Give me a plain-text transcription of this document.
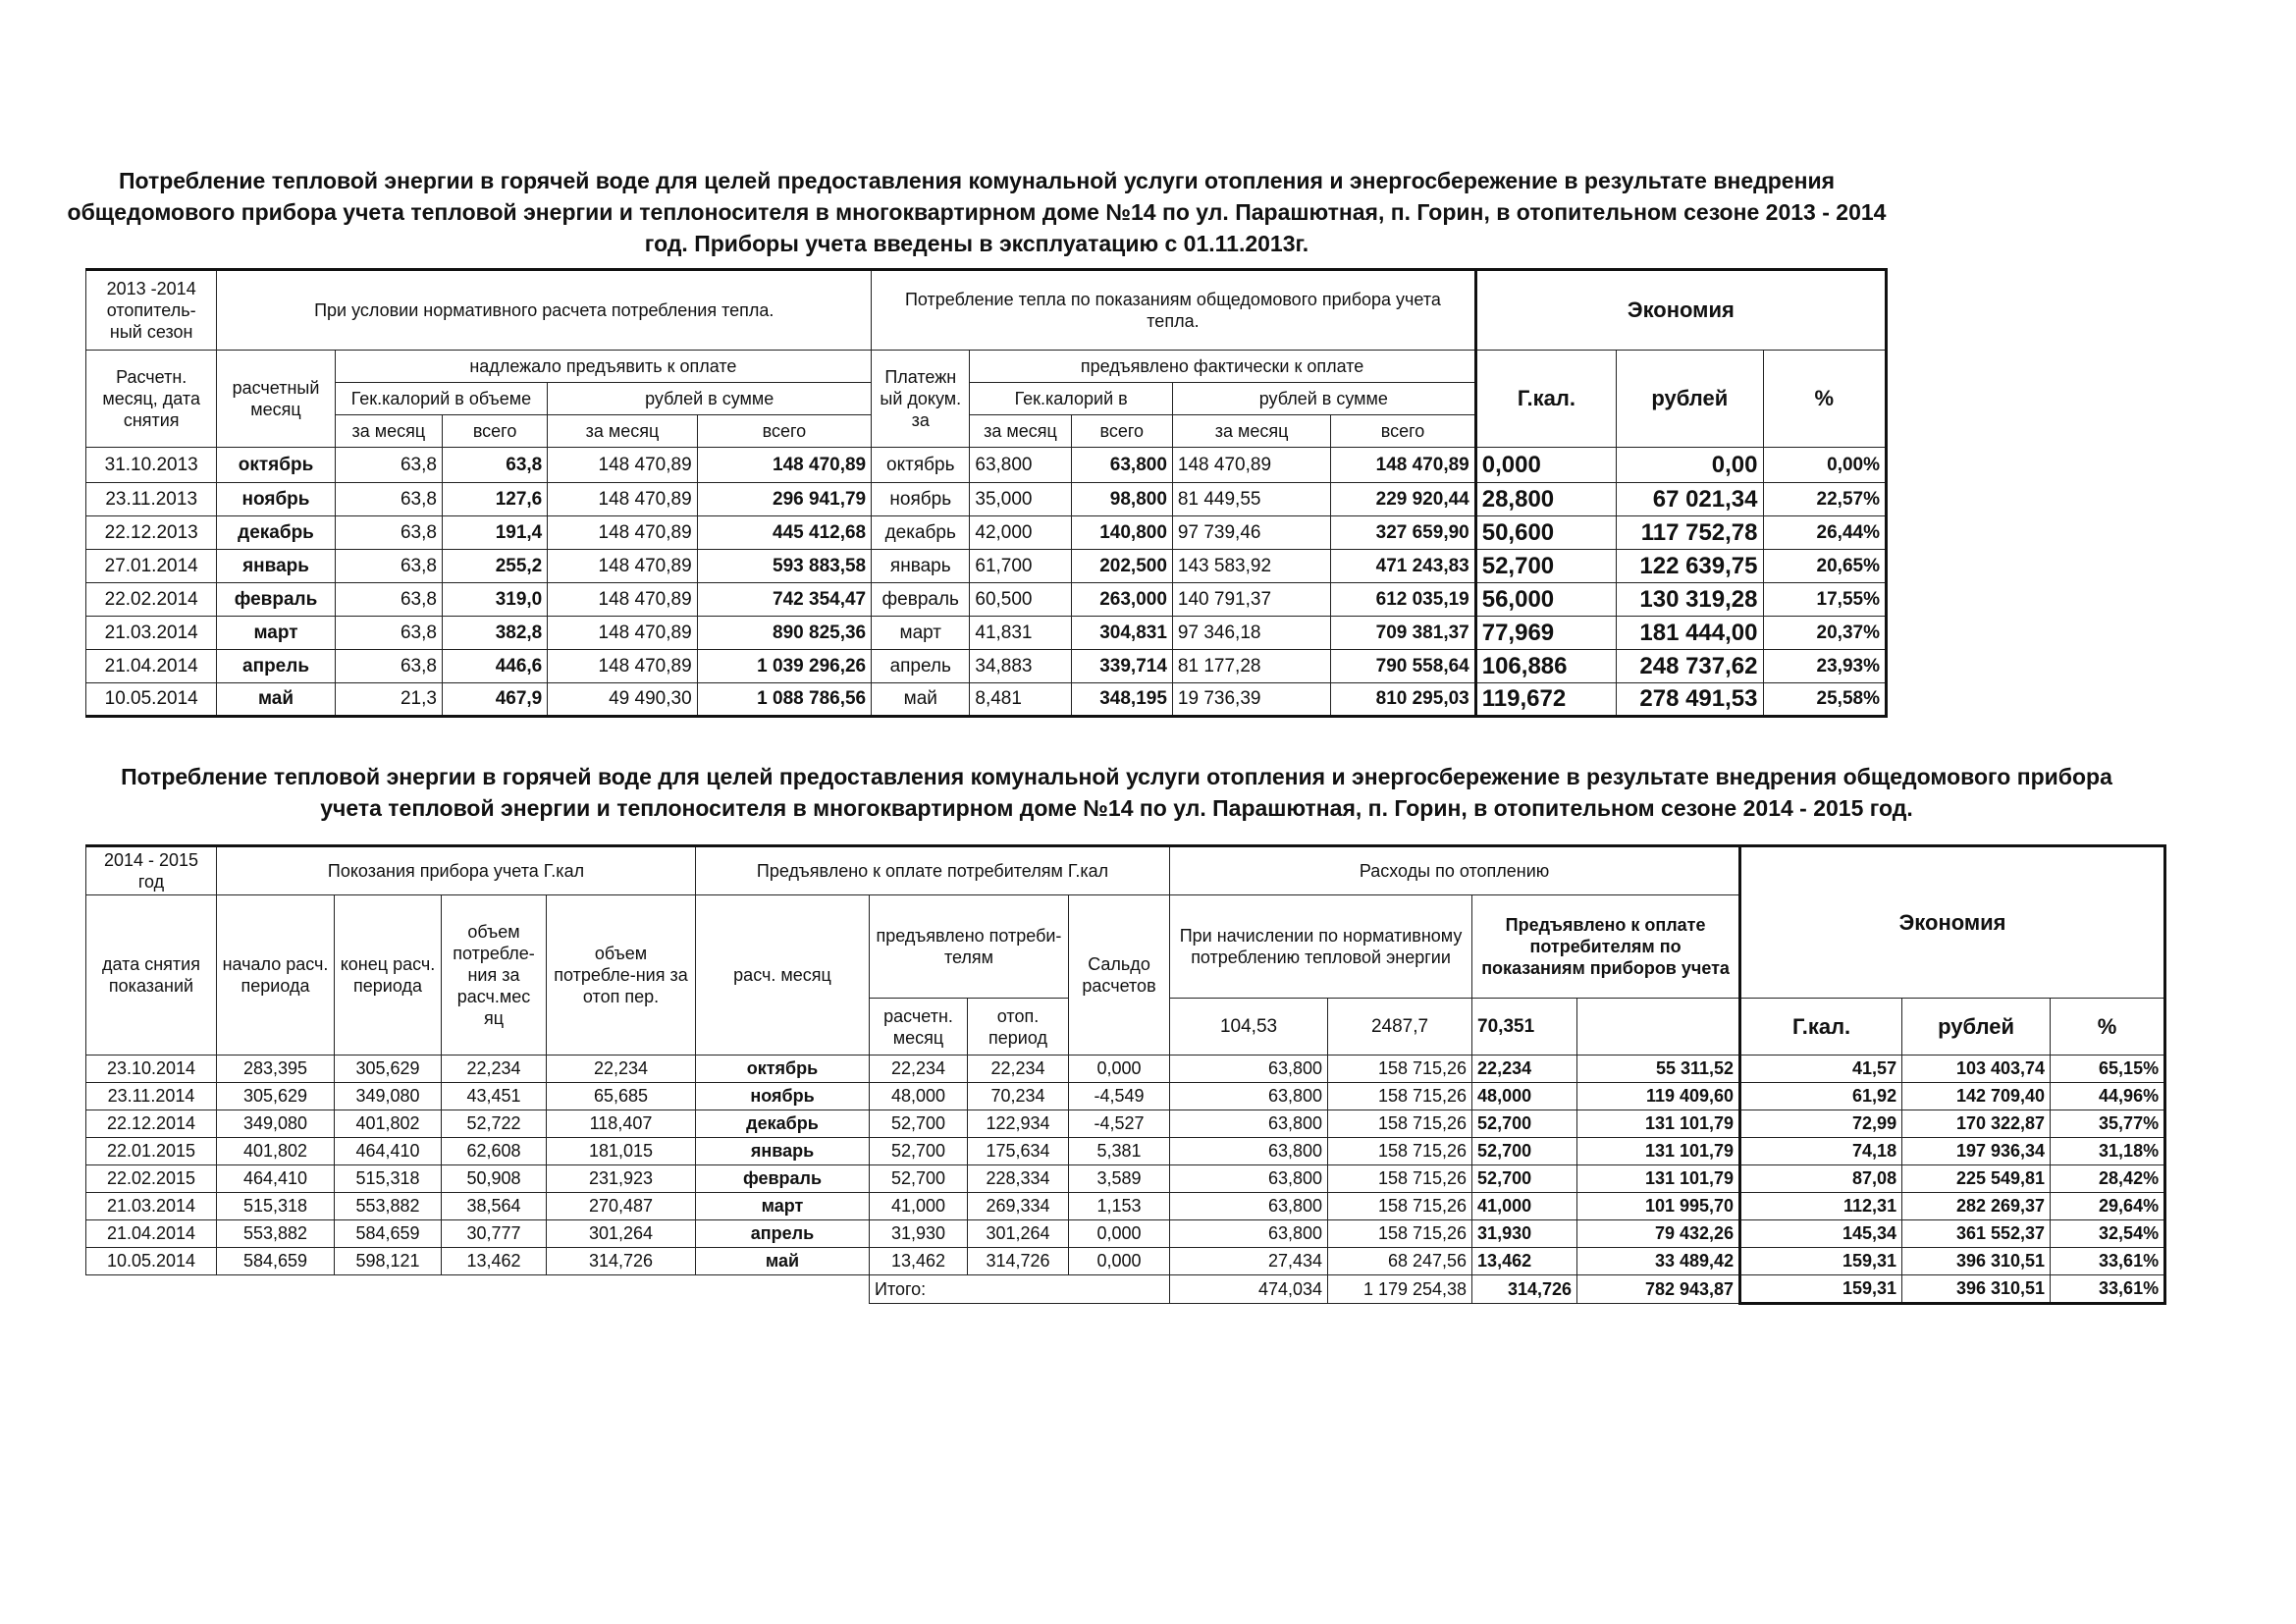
Потребление тепловой энергии в горячей воде для целей предоставления комунальной услуги отопления и энергосбережение в результате внедрения общедомового прибора учета тепловой энергии и теплоносителя в многоквартирном доме №14 по ул. Парашютная, п. Горин, в отопительном сезоне 2013 - 2014 год. Приборы учета введены в эксплуатацию с 01.11.2013г.
2013 -2014 отопитель-ный сезон	При условии нормативного расчета потребления тепла.					Потребление тепла по показаниям общедомового прибора учета тепла.					Экономия		
Расчетн. месяц, дата снятия	расчетный месяц	надлежало предъявить к оплате				Платежн ый докум. за	предъявлено фактически к оплате				Г.кал.	рублей	%
		Гек.калорий в объеме		рублей в сумме			Гек.калорий в		рублей в сумме				
		за месяц	всего	за месяц	всего		за месяц	всего	за месяц	всего			
31.10.2013	октябрь	63,8	63,8	148 470,89	148 470,89	октябрь	63,800	63,800	148 470,89	148 470,89	0,000	0,00	0,00%
23.11.2013	ноябрь	63,8	127,6	148 470,89	296 941,79	ноябрь	35,000	98,800	81 449,55	229 920,44	28,800	67 021,34	22,57%
22.12.2013	декабрь	63,8	191,4	148 470,89	445 412,68	декабрь	42,000	140,800	97 739,46	327 659,90	50,600	117 752,78	26,44%
27.01.2014	январь	63,8	255,2	148 470,89	593 883,58	январь	61,700	202,500	143 583,92	471 243,83	52,700	122 639,75	20,65%
22.02.2014	февраль	63,8	319,0	148 470,89	742 354,47	февраль	60,500	263,000	140 791,37	612 035,19	56,000	130 319,28	17,55%
21.03.2014	март	63,8	382,8	148 470,89	890 825,36	март	41,831	304,831	97 346,18	709 381,37	77,969	181 444,00	20,37%
21.04.2014	апрель	63,8	446,6	148 470,89	1 039 296,26	апрель	34,883	339,714	81 177,28	790 558,64	106,886	248 737,62	23,93%
10.05.2014	май	21,3	467,9	49 490,30	1 088 786,56	май	8,481	348,195	19 736,39	810 295,03	119,672	278 491,53	25,58%
Потребление тепловой энергии в горячей воде для целей предоставления комунальной услуги отопления и энергосбережение в результате внедрения общедомового прибора учета тепловой энергии и теплоносителя в многоквартирном доме №14 по ул. Парашютная, п. Горин, в отопительном сезоне 2014 - 2015 год.
2014 - 2015 год	Покозания прибора учета Г.кал				Предъявлено к оплате потребителям Г.кал				Расходы по отоплению				Экономия		
дата снятия показаний	начало расч. периода	конец расч. периода	объем потребле-ния за расч.мес яц	объем потребле-ния за отоп пер.	расч. месяц	предъявлено потреби-телям		Сальдо расчетов	При начислении по нормативному потреблению тепловой энергии		Предъявлено к оплате потребителям по показаниям приборов учета				
						расчетн. месяц	отоп. период		104,53	2487,7	70,351		Г.кал.	рублей	%

23.10.2014	283,395	305,629	22,234	22,234	октябрь	22,234	22,234	0,000	63,800	158 715,26	22,234	55 311,52	41,57	103 403,74	65,15%
23.11.2014	305,629	349,080	43,451	65,685	ноябрь	48,000	70,234	-4,549	63,800	158 715,26	48,000	119 409,60	61,92	142 709,40	44,96%
22.12.2014	349,080	401,802	52,722	118,407	декабрь	52,700	122,934	-4,527	63,800	158 715,26	52,700	131 101,79	72,99	170 322,87	35,77%
22.01.2015	401,802	464,410	62,608	181,015	январь	52,700	175,634	5,381	63,800	158 715,26	52,700	131 101,79	74,18	197 936,34	31,18%
22.02.2015	464,410	515,318	50,908	231,923	февраль	52,700	228,334	3,589	63,800	158 715,26	52,700	131 101,79	87,08	225 549,81	28,42%
21.03.2014	515,318	553,882	38,564	270,487	март	41,000	269,334	1,153	63,800	158 715,26	41,000	101 995,70	112,31	282 269,37	29,64%
21.04.2014	553,882	584,659	30,777	301,264	апрель	31,930	301,264	0,000	63,800	158 715,26	31,930	79 432,26	145,34	361 552,37	32,54%
10.05.2014	584,659	598,121	13,462	314,726	май	13,462	314,726	0,000	27,434	68 247,56	13,462	33 489,42	159,31	396 310,51	33,61%
						Итого:			474,034	1 179 254,38	314,726	782 943,87	159,31	396 310,51	33,61%
